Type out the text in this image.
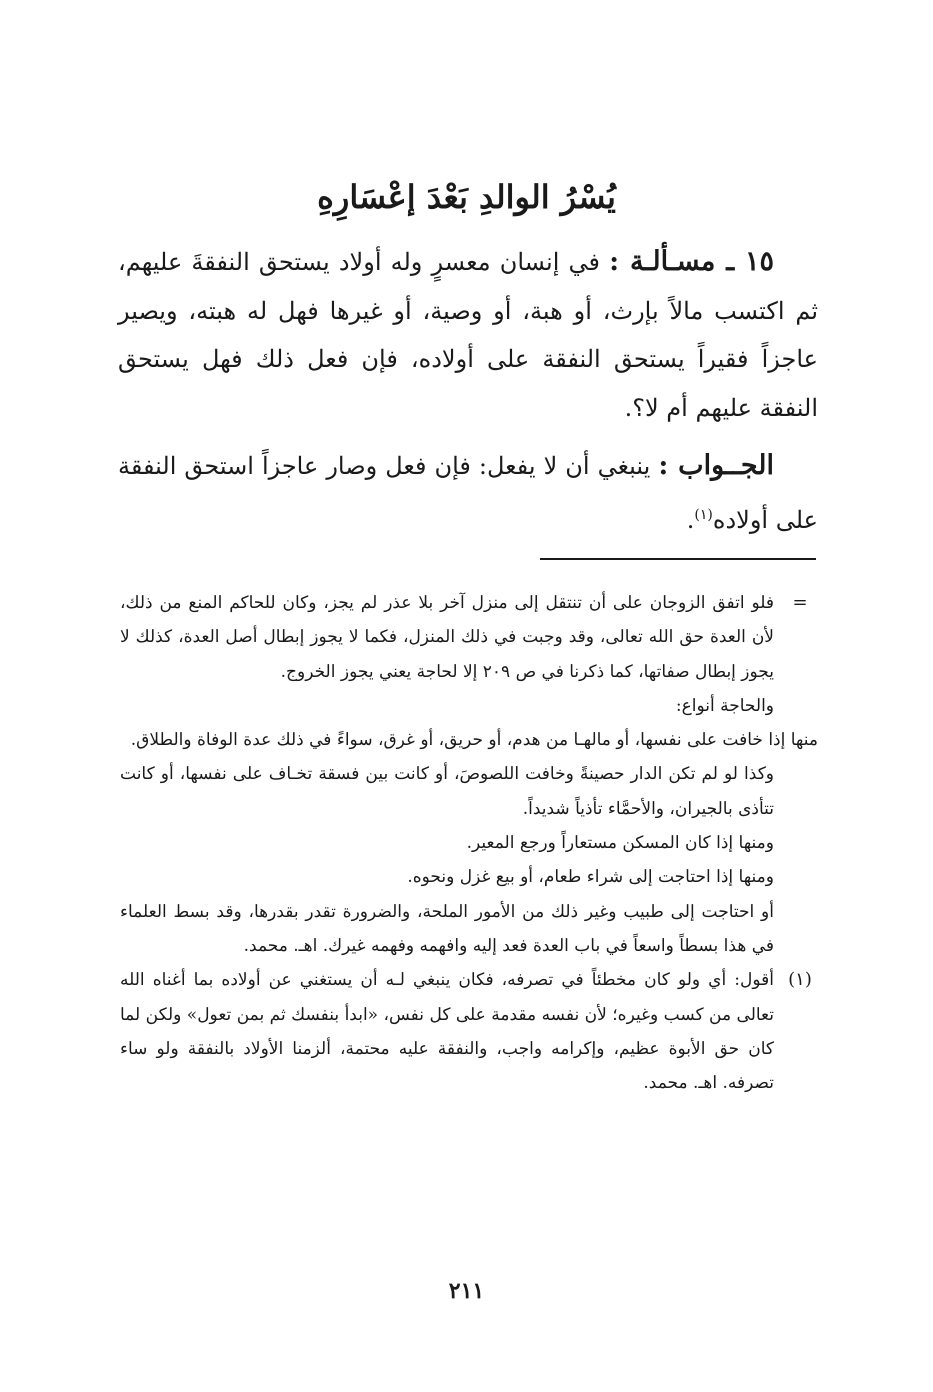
يُسْرُ الوالدِ بَعْدَ إعْسَارِهِ

١٥ ـ مسـألـة : في إنسان معسرٍ وله أولاد يستحق النفقةَ عليهم، ثم اكتسب مالاً بإرث، أو هبة، أو وصية، أو غيرها فهل له هبته، ويصير عاجزاً فقيراً يستحق النفقة على أولاده، فإن فعل ذلك فهل يستحق النفقة عليهم أم لا؟.

الجــواب : ينبغي أن لا يفعل: فإن فعل وصار عاجزاً استحق النفقة على أولاده$^{(١)}$.

=

فلو اتفق الزوجان على أن تنتقل إلى منزل آخر بلا عذر لم يجز، وكان للحاكم المنع من ذلك، لأن العدة حق الله تعالى، وقد وجبت في ذلك المنزل، فكما لا يجوز إبطال أصل العدة، كذلك لا يجوز إبطال صفاتها، كما ذكرنا في ص ٢٠٩ إلا لحاجة يعني يجوز الخروج.

والحاجة أنواع:

منها إذا خافت على نفسها، أو مالهـا من هدم، أو حريق، أو غرق، سواءً في ذلك عدة الوفاة والطلاق.

وكذا لو لم تكن الدار حصينةً وخافت اللصوصَ، أو كانت بين فسقة تخـاف على نفسها، أو كانت تتأذى بالجيران، والأحمَّاء تأذياً شديداً.

ومنها إذا كان المسكن مستعاراً ورجع المعير.

ومنها إذا احتاجت إلى شراء طعام، أو بيع غزل ونحوه.

أو احتاجت إلى طبيب وغير ذلك من الأمور الملحة، والضرورة تقدر بقدرها، وقد بسط العلماء في هذا بسطاً واسعاً في باب العدة فعد إليه وافهمه وفهمه غيرك. اهـ. محمد.

(١)

أقول: أي ولو كان مخطئاً في تصرفه، فكان ينبغي لـه أن يستغني عن أولاده بما أغناه الله تعالى من كسب وغيره؛ لأن نفسه مقدمة على كل نفس، «ابدأ بنفسك ثم بمن تعول» ولكن لما كان حق الأبوة عظيم، وإكرامه واجب، والنفقة عليه محتمة، ألزمنا الأولاد بالنفقة ولو ساء تصرفه. اهـ. محمد.

٢١١
